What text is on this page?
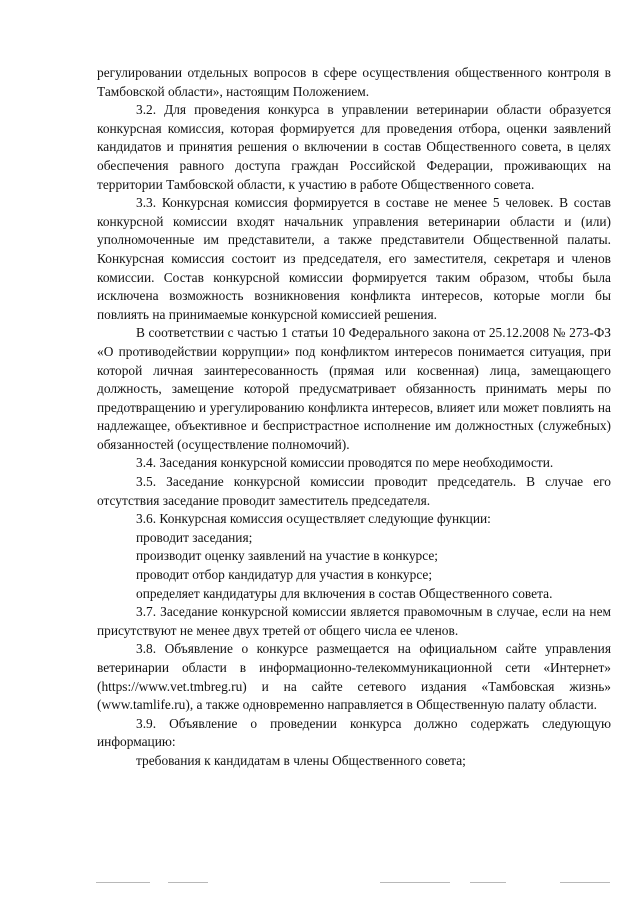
регулировании отдельных вопросов в сфере осуществления общественного контроля в Тамбовской области», настоящим Положением.

3.2. Для проведения конкурса в управлении ветеринарии области образуется конкурсная комиссия, которая формируется для проведения отбора, оценки заявлений кандидатов и принятия решения о включении в состав Общественного совета, в целях обеспечения равного доступа граждан Российской Федерации, проживающих на территории Тамбовской области, к участию в работе Общественного совета.

3.3. Конкурсная комиссия формируется в составе не менее 5 человек. В состав конкурсной комиссии входят начальник управления ветеринарии области и (или) уполномоченные им представители, а также представители Общественной палаты. Конкурсная комиссия состоит из председателя, его заместителя, секретаря и членов комиссии. Состав конкурсной комиссии формируется таким образом, чтобы была исключена возможность возникновения конфликта интересов, которые могли бы повлиять на принимаемые конкурсной комиссией решения.

В соответствии с частью 1 статьи 10 Федерального закона от 25.12.2008 № 273-ФЗ «О противодействии коррупции» под конфликтом интересов понимается ситуация, при которой личная заинтересованность (прямая или косвенная) лица, замещающего должность, замещение которой предусматривает обязанность принимать меры по предотвращению и урегулированию конфликта интересов, влияет или может повлиять на надлежащее, объективное и беспристрастное исполнение им должностных (служебных) обязанностей (осуществление полномочий).

3.4. Заседания конкурсной комиссии проводятся по мере необходимости.

3.5. Заседание конкурсной комиссии проводит председатель. В случае его отсутствия заседание проводит заместитель председателя.

3.6. Конкурсная комиссия осуществляет следующие функции:

проводит заседания;

производит оценку заявлений на участие в конкурсе;

проводит отбор кандидатур для участия в конкурсе;

определяет кандидатуры для включения в состав Общественного совета.

3.7. Заседание конкурсной комиссии является правомочным в случае, если на нем присутствуют не менее двух третей от общего числа ее членов.

3.8. Объявление о конкурсе размещается на официальном сайте управления ветеринарии области в информационно-телекоммуникационной сети «Интернет» (https://www.vet.tmbreg.ru) и на сайте сетевого издания «Тамбовская жизнь» (www.tamlife.ru), а также одновременно направляется в Общественную палату области.

3.9. Объявление о проведении конкурса должно содержать следующую информацию:

требования к кандидатам в члены Общественного совета;
